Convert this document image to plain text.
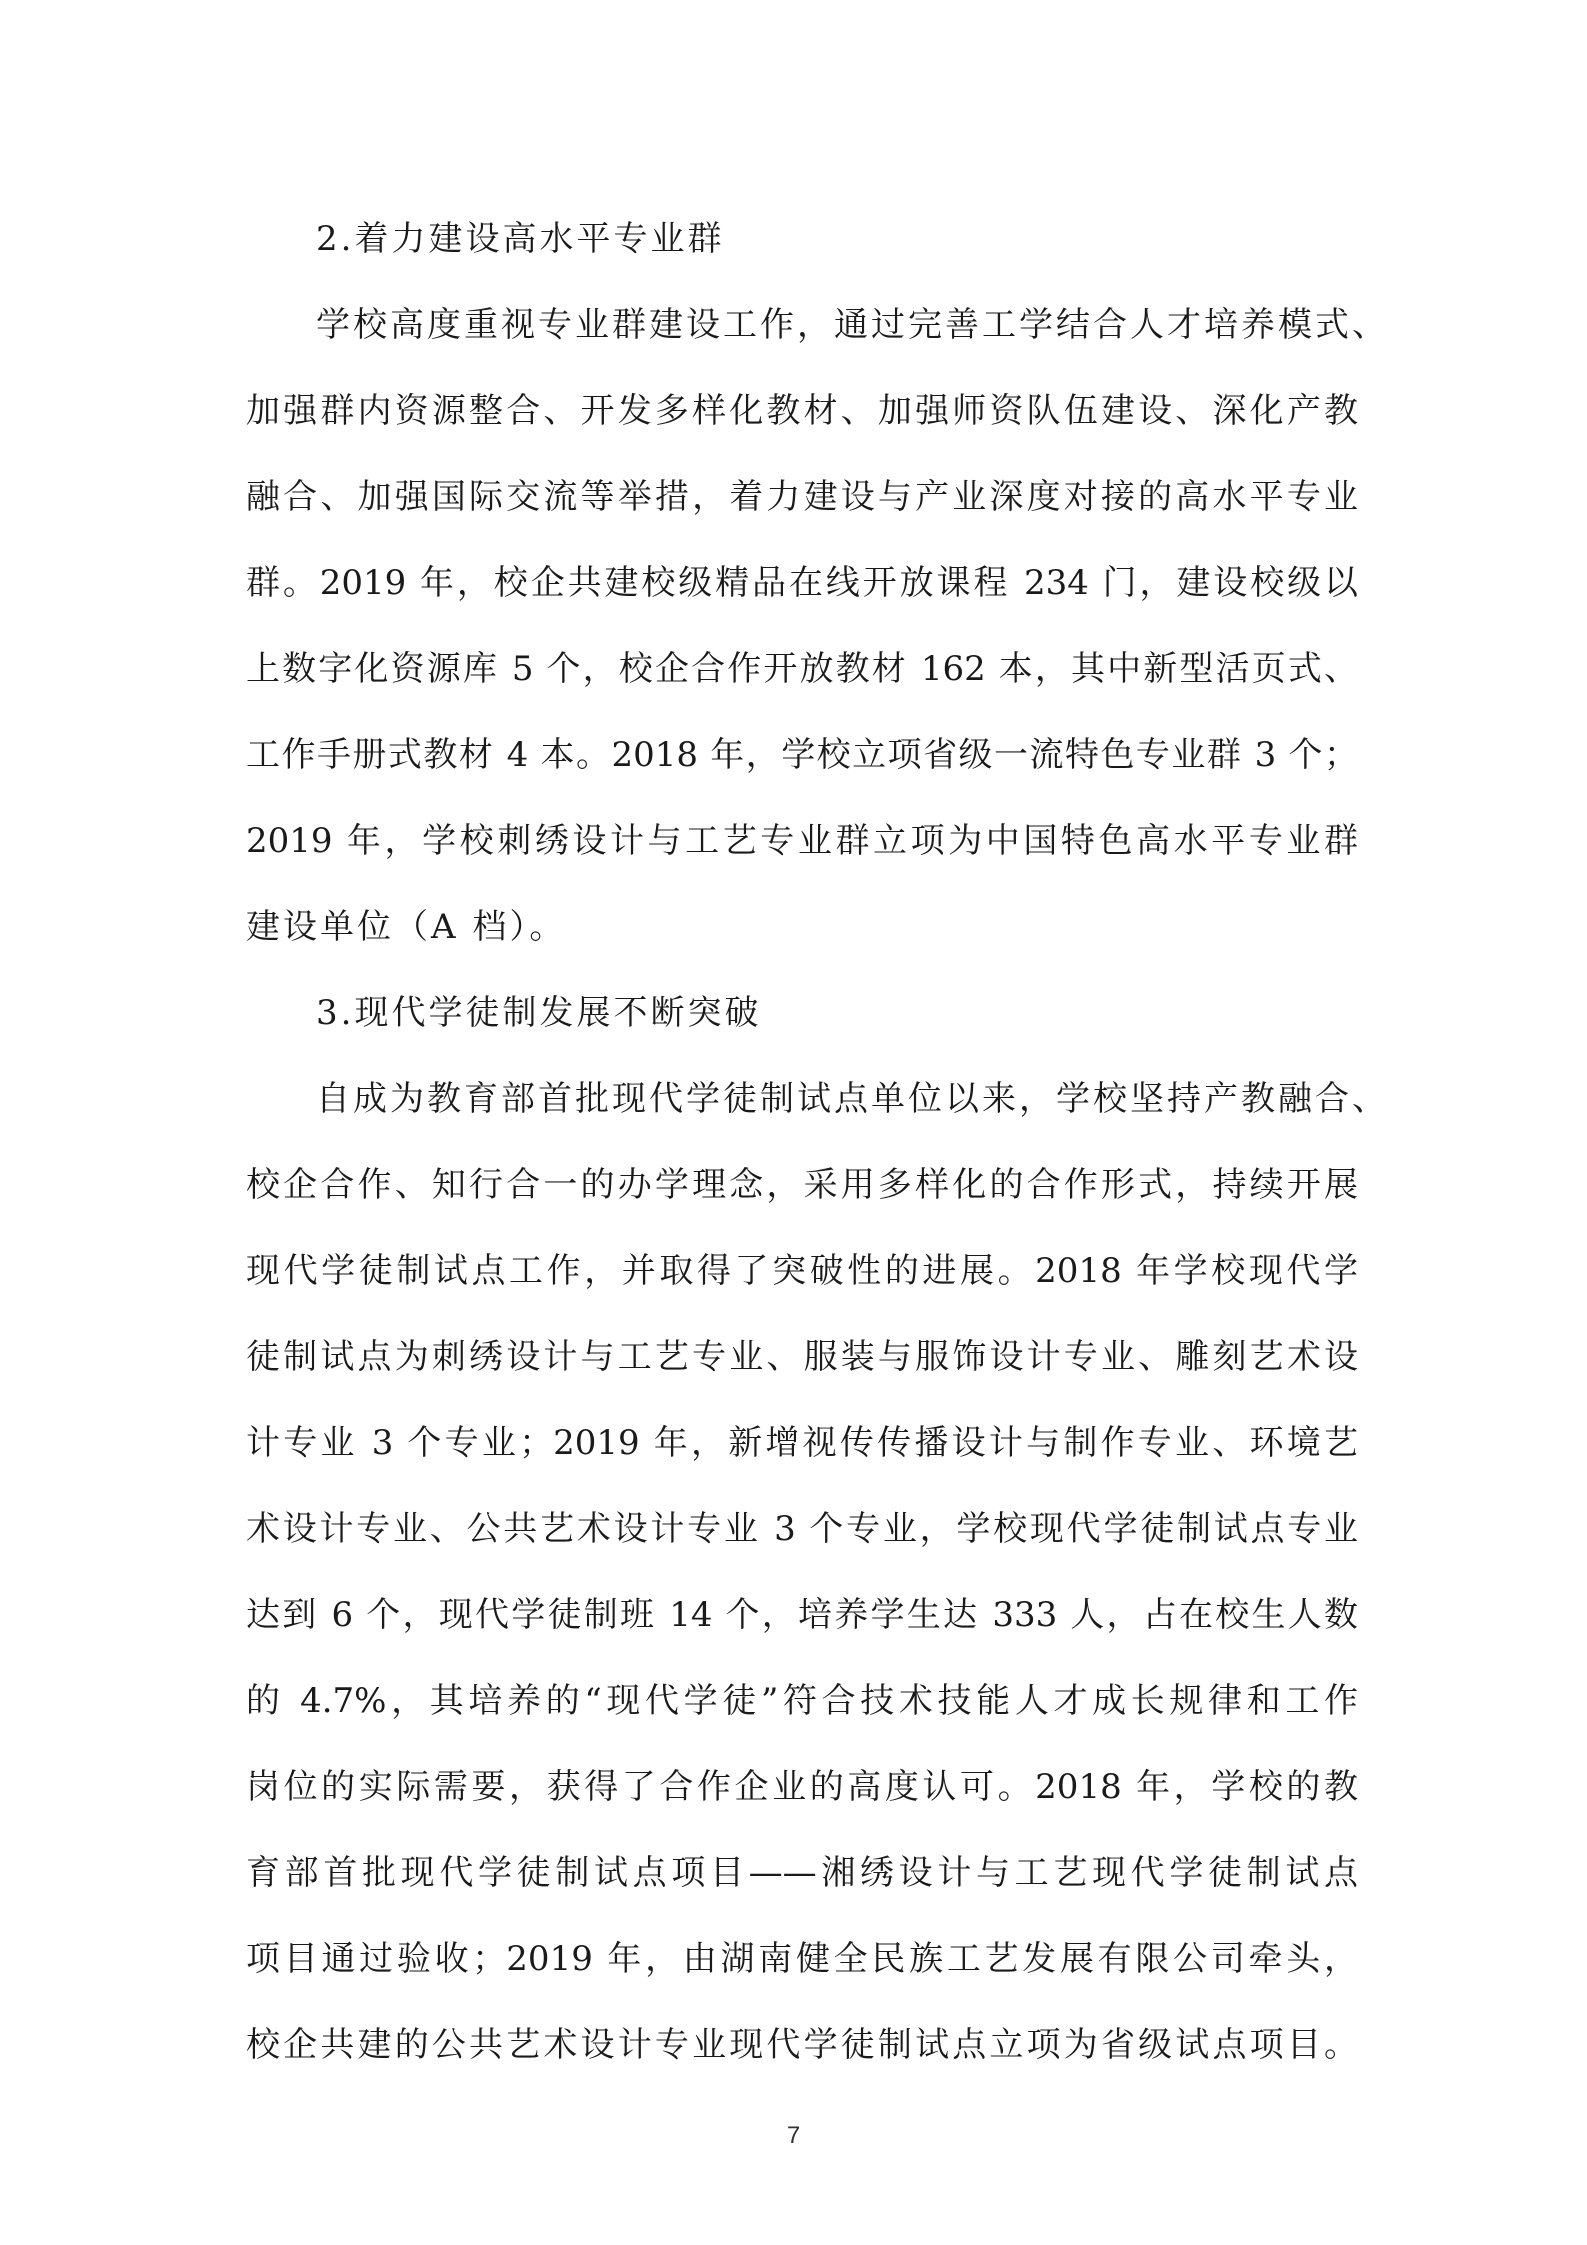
2.着力建设高水平专业群
学校高度重视专业群建设工作，通过完善工学结合人才培养模式、
加强群内资源整合、开发多样化教材、加强师资队伍建设、深化产教
融合、加强国际交流等举措，着力建设与产业深度对接的高水平专业
群。2019 年，校企共建校级精品在线开放课程 234 门，建设校级以
上数字化资源库 5 个，校企合作开放教材 162 本，其中新型活页式、
工作手册式教材 4 本。2018 年，学校立项省级一流特色专业群 3 个；
2019 年，学校刺绣设计与工艺专业群立项为中国特色高水平专业群
建设单位（A 档）。
3.现代学徒制发展不断突破
自成为教育部首批现代学徒制试点单位以来，学校坚持产教融合、
校企合作、知行合一的办学理念，采用多样化的合作形式，持续开展
现代学徒制试点工作，并取得了突破性的进展。2018 年学校现代学
徒制试点为刺绣设计与工艺专业、服装与服饰设计专业、雕刻艺术设
计专业 3 个专业；2019 年，新增视传传播设计与制作专业、环境艺
术设计专业、公共艺术设计专业 3 个专业，学校现代学徒制试点专业
达到 6 个，现代学徒制班 14 个，培养学生达 333 人，占在校生人数
的 4.7%，其培养的“现代学徒”符合技术技能人才成长规律和工作
岗位的实际需要，获得了合作企业的高度认可。2018 年，学校的教
育部首批现代学徒制试点项目——湘绣设计与工艺现代学徒制试点
项目通过验收；2019 年，由湖南健全民族工艺发展有限公司牵头，
校企共建的公共艺术设计专业现代学徒制试点立项为省级试点项目。
7
